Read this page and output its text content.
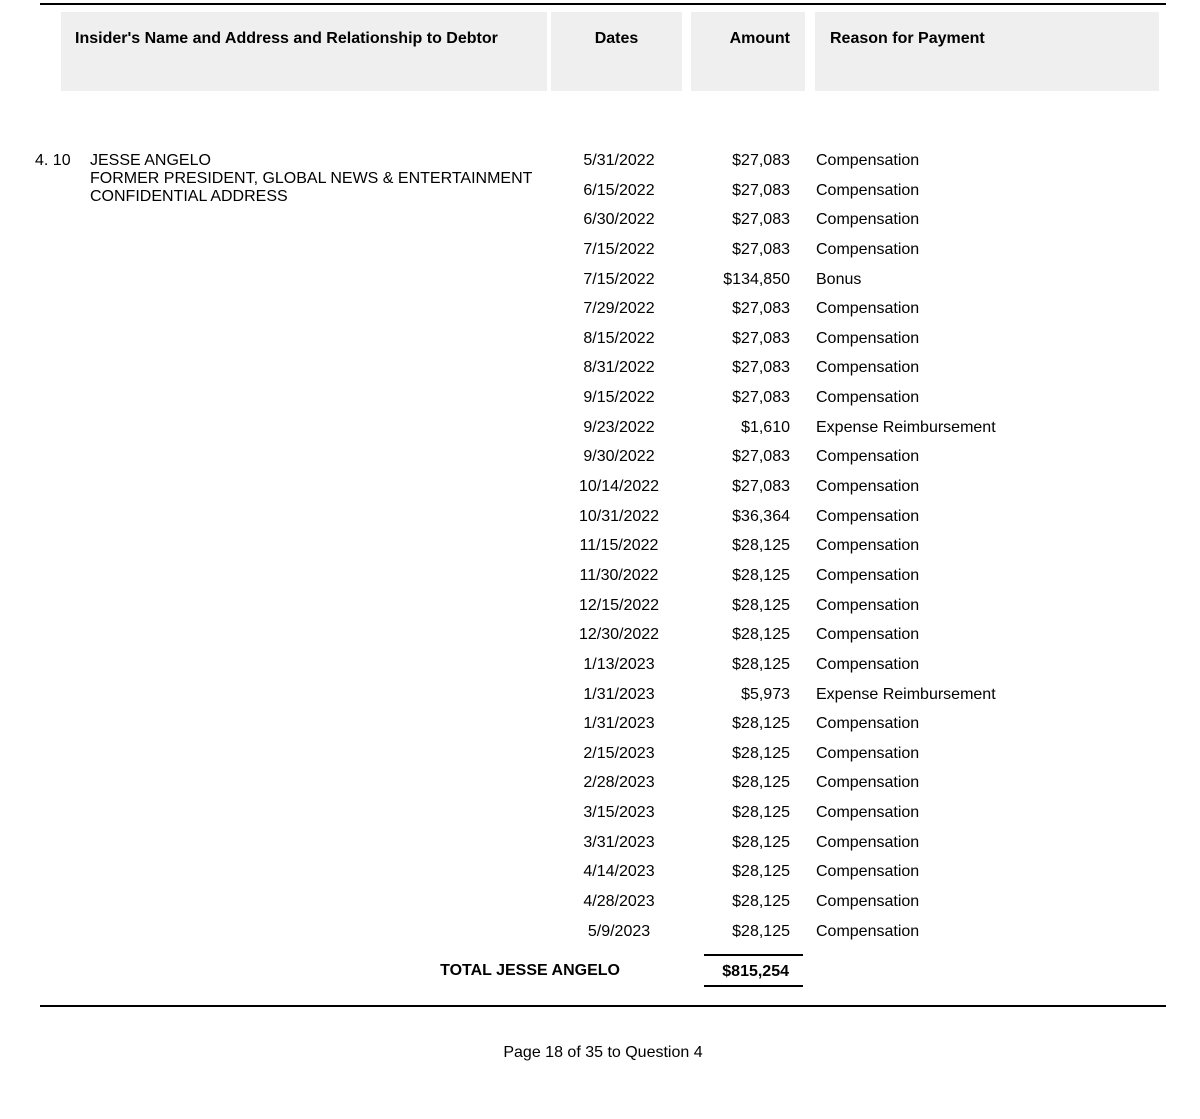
Insider's Name and Address and Relationship to Debtor	Dates	Amount	Reason for Payment
4. 10 JESSE ANGELO
FORMER PRESIDENT, GLOBAL NEWS & ENTERTAINMENT
CONFIDENTIAL ADDRESS
5/31/2022	$27,083 Compensation
6/15/2022	$27,083 Compensation
6/30/2022	$27,083 Compensation
7/15/2022	$27,083 Compensation
7/15/2022	$134,850 Bonus
7/29/2022	$27,083 Compensation
8/15/2022	$27,083 Compensation
8/31/2022	$27,083 Compensation
9/15/2022	$27,083 Compensation
9/23/2022	$1,610 Expense Reimbursement
9/30/2022	$27,083 Compensation
10/14/2022	$27,083 Compensation
10/31/2022	$36,364 Compensation
11/15/2022	$28,125 Compensation
11/30/2022	$28,125 Compensation
12/15/2022	$28,125 Compensation
12/30/2022	$28,125 Compensation
1/13/2023	$28,125 Compensation
1/31/2023	$5,973 Expense Reimbursement
1/31/2023	$28,125 Compensation
2/15/2023	$28,125 Compensation
2/28/2023	$28,125 Compensation
3/15/2023	$28,125 Compensation
3/31/2023	$28,125 Compensation
4/14/2023	$28,125 Compensation
4/28/2023	$28,125 Compensation
5/9/2023	$28,125 Compensation
TOTAL JESSE ANGELO	$815,254
Page 18 of 35 to Question 4
